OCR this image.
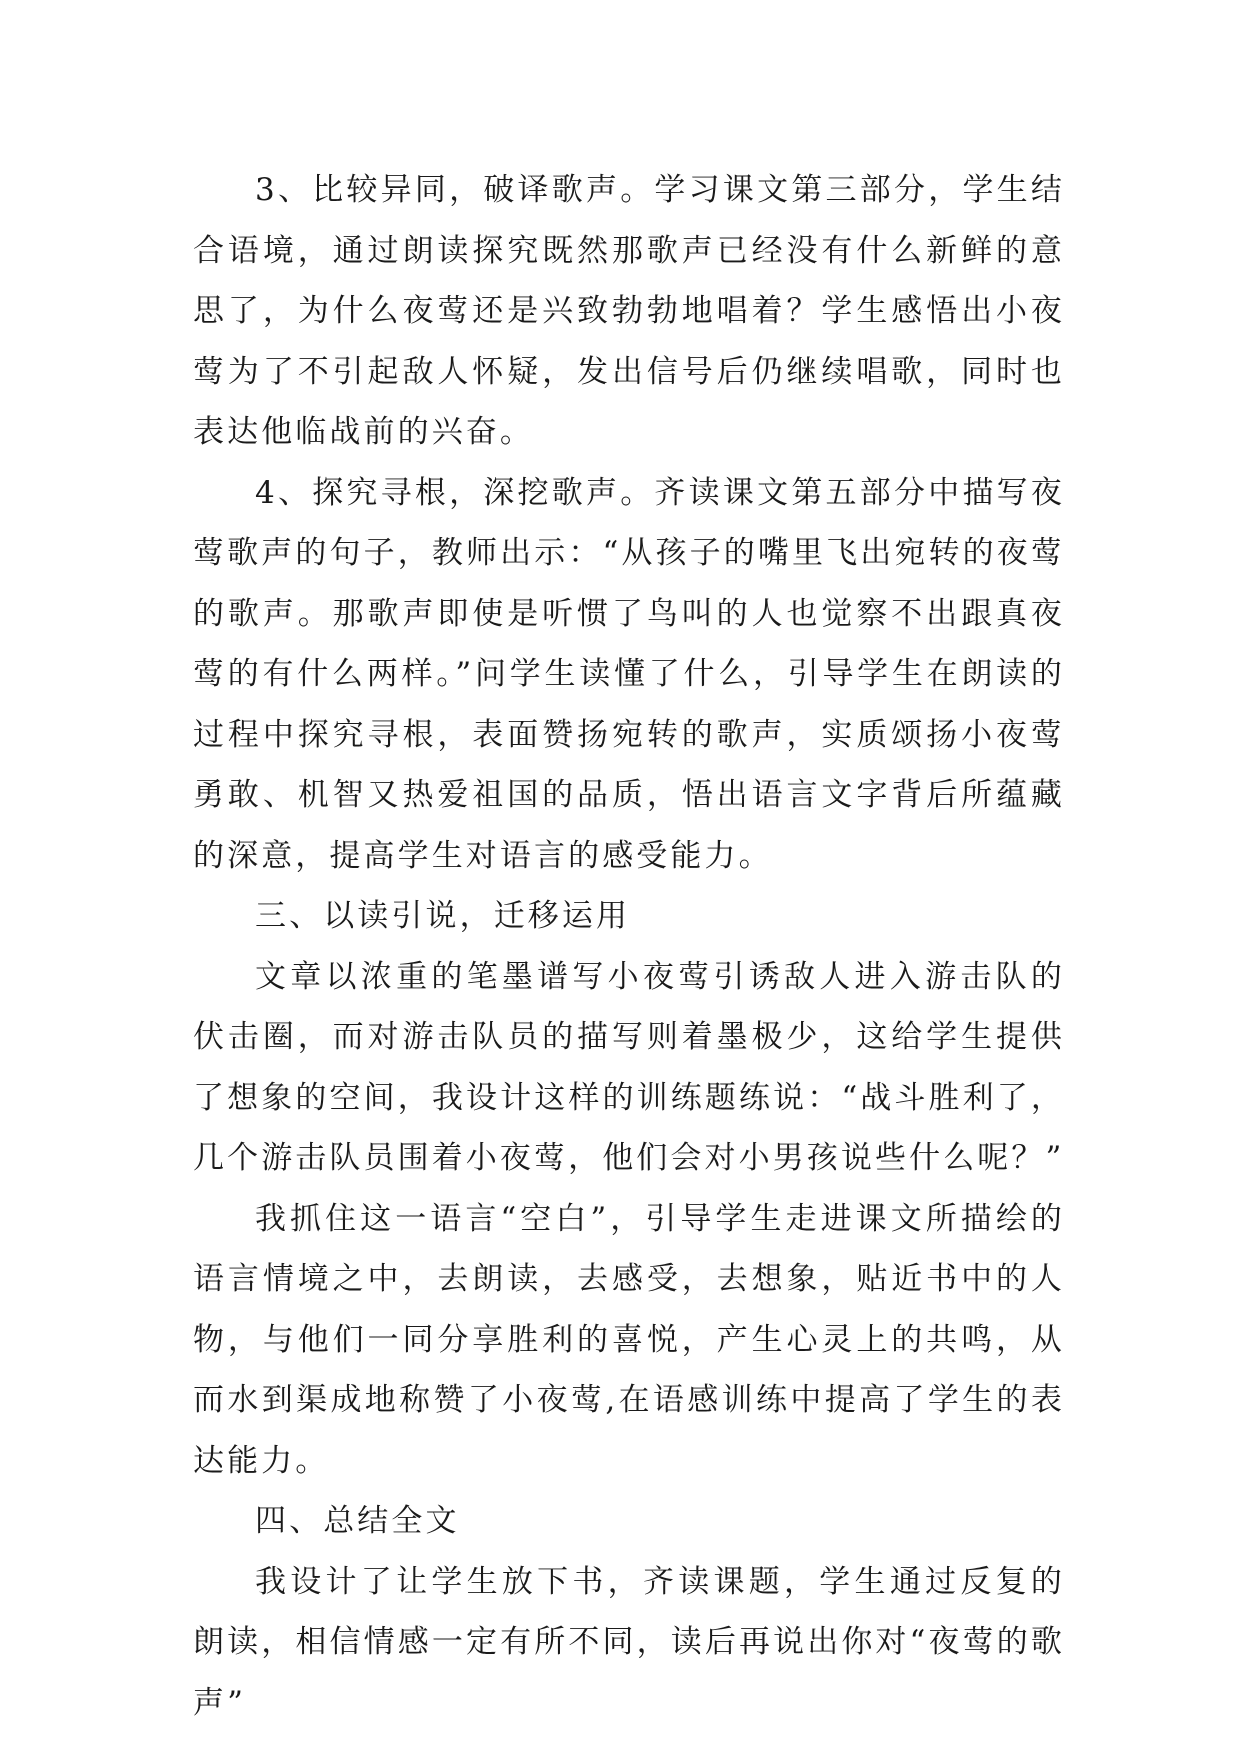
3、比较异同，破译歌声。学习课文第三部分，学生结合语境，通过朗读探究既然那歌声已经没有什么新鲜的意思了，为什么夜莺还是兴致勃勃地唱着？学生感悟出小夜莺为了不引起敌人怀疑，发出信号后仍继续唱歌，同时也表达他临战前的兴奋。

4、探究寻根，深挖歌声。齐读课文第五部分中描写夜莺歌声的句子，教师出示：“从孩子的嘴里飞出宛转的夜莺的歌声。那歌声即使是听惯了鸟叫的人也觉察不出跟真夜莺的有什么两样。”问学生读懂了什么，引导学生在朗读的过程中探究寻根，表面赞扬宛转的歌声，实质颂扬小夜莺勇敢、机智又热爱祖国的品质，悟出语言文字背后所蕴藏的深意，提高学生对语言的感受能力。

三、以读引说，迁移运用

文章以浓重的笔墨谱写小夜莺引诱敌人进入游击队的伏击圈，而对游击队员的描写则着墨极少，这给学生提供了想象的空间，我设计这样的训练题练说：“战斗胜利了，几个游击队员围着小夜莺，他们会对小男孩说些什么呢？”

我抓住这一语言“空白”，引导学生走进课文所描绘的语言情境之中，去朗读，去感受，去想象，贴近书中的人物，与他们一同分享胜利的喜悦，产生心灵上的共鸣，从而水到渠成地称赞了小夜莺,在语感训练中提高了学生的表达能力。

四、总结全文

我设计了让学生放下书，齐读课题，学生通过反复的朗读，相信情感一定有所不同，读后再说出你对“夜莺的歌声”
